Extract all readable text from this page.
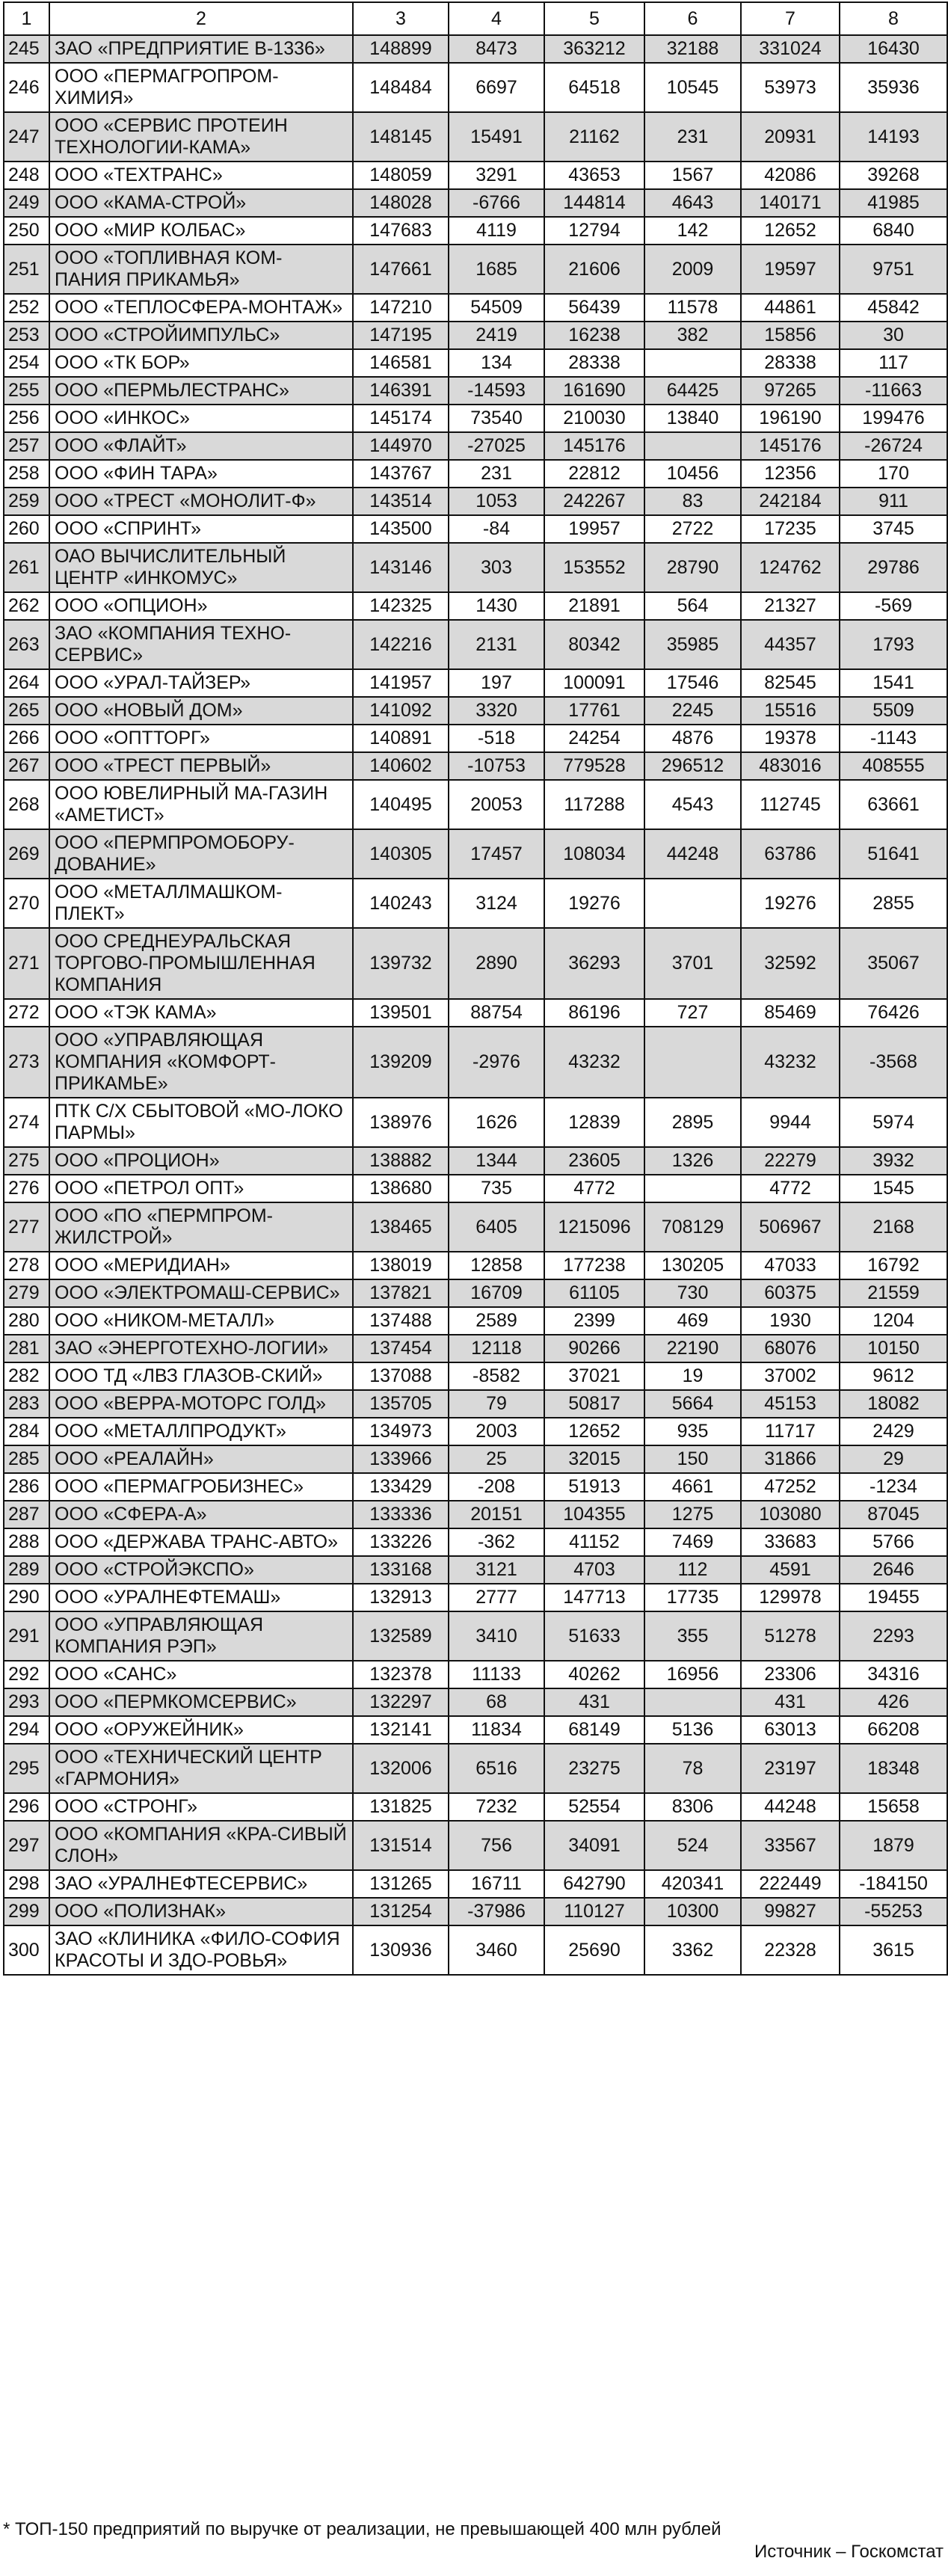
1	2	3	4	5	6	7	8
245	ЗАО «ПРЕДПРИЯТИЕ В-1336»	148899	8473	363212	32188	331024	16430
246	ООО «ПЕРМАГРОПРОМ-ХИМИЯ»	148484	6697	64518	10545	53973	35936
247	ООО «СЕРВИС ПРОТЕИН ТЕХНОЛОГИИ-КАМА»	148145	15491	21162	231	20931	14193
248	ООО «ТЕХТРАНС»	148059	3291	43653	1567	42086	39268
249	ООО «КАМА-СТРОЙ»	148028	-6766	144814	4643	140171	41985
250	ООО «МИР КОЛБАС»	147683	4119	12794	142	12652	6840
251	ООО «ТОПЛИВНАЯ КОМ-ПАНИЯ ПРИКАМЬЯ»	147661	1685	21606	2009	19597	9751
252	ООО «ТЕПЛОСФЕРА-МОНТАЖ»	147210	54509	56439	11578	44861	45842
253	ООО «СТРОЙИМПУЛЬС»	147195	2419	16238	382	15856	30
254	ООО «ТК БОР»	146581	134	28338		28338	117
255	ООО «ПЕРМЬЛЕСТРАНС»	146391	-14593	161690	64425	97265	-11663
256	ООО «ИНКОС»	145174	73540	210030	13840	196190	199476
257	ООО «ФЛАЙТ»	144970	-27025	145176		145176	-26724
258	ООО «ФИН ТАРА»	143767	231	22812	10456	12356	170
259	ООО «ТРЕСТ «МОНОЛИТ-Ф»	143514	1053	242267	83	242184	911
260	ООО «СПРИНТ»	143500	-84	19957	2722	17235	3745
261	ОАО ВЫЧИСЛИТЕЛЬНЫЙ ЦЕНТР «ИНКОМУС»	143146	303	153552	28790	124762	29786
262	ООО «ОПЦИОН»	142325	1430	21891	564	21327	-569
263	ЗАО «КОМПАНИЯ ТЕХНО-СЕРВИС»	142216	2131	80342	35985	44357	1793
264	ООО «УРАЛ-ТАЙЗЕР»	141957	197	100091	17546	82545	1541
265	ООО «НОВЫЙ ДОМ»	141092	3320	17761	2245	15516	5509
266	ООО «ОПТТОРГ»	140891	-518	24254	4876	19378	-1143
267	ООО «ТРЕСТ ПЕРВЫЙ»	140602	-10753	779528	296512	483016	408555
268	ООО ЮВЕЛИРНЫЙ МА-ГАЗИН «АМЕТИСТ»	140495	20053	117288	4543	112745	63661
269	ООО «ПЕРМПРОМОБОРУ-ДОВАНИЕ»	140305	17457	108034	44248	63786	51641
270	ООО «МЕТАЛЛМАШКОМ-ПЛЕКТ»	140243	3124	19276		19276	2855
271	ООО СРЕДНЕУРАЛЬСКАЯ ТОРГОВО-ПРОМЫШЛЕННАЯ КОМПАНИЯ	139732	2890	36293	3701	32592	35067
272	ООО «ТЭК КАМА»	139501	88754	86196	727	85469	76426
273	ООО «УПРАВЛЯЮЩАЯ КОМПАНИЯ «КОМФОРТ-ПРИКАМЬЕ»	139209	-2976	43232		43232	-3568
274	ПТК С/Х СБЫТОВОЙ «МО-ЛОКО ПАРМЫ»	138976	1626	12839	2895	9944	5974
275	ООО «ПРОЦИОН»	138882	1344	23605	1326	22279	3932
276	ООО «ПЕТРОЛ ОПТ»	138680	735	4772		4772	1545
277	ООО «ПО «ПЕРМПРОМ-ЖИЛСТРОЙ»	138465	6405	1215096	708129	506967	2168
278	ООО «МЕРИДИАН»	138019	12858	177238	130205	47033	16792
279	ООО «ЭЛЕКТРОМАШ-СЕРВИС»	137821	16709	61105	730	60375	21559
280	ООО «НИКОМ-МЕТАЛЛ»	137488	2589	2399	469	1930	1204
281	ЗАО «ЭНЕРГОТЕХНО-ЛОГИИ»	137454	12118	90266	22190	68076	10150
282	ООО ТД «ЛВЗ ГЛАЗОВ-СКИЙ»	137088	-8582	37021	19	37002	9612
283	ООО «ВЕРРА-МОТОРС ГОЛД»	135705	79	50817	5664	45153	18082
284	ООО «МЕТАЛЛПРОДУКТ»	134973	2003	12652	935	11717	2429
285	ООО «РЕАЛАЙН»	133966	25	32015	150	31866	29
286	ООО «ПЕРМАГРОБИЗНЕС»	133429	-208	51913	4661	47252	-1234
287	ООО «СФЕРА-А»	133336	20151	104355	1275	103080	87045
288	ООО «ДЕРЖАВА ТРАНС-АВТО»	133226	-362	41152	7469	33683	5766
289	ООО «СТРОЙЭКСПО»	133168	3121	4703	112	4591	2646
290	ООО «УРАЛНЕФТЕМАШ»	132913	2777	147713	17735	129978	19455
291	ООО «УПРАВЛЯЮЩАЯ КОМПАНИЯ РЭП»	132589	3410	51633	355	51278	2293
292	ООО «САНС»	132378	11133	40262	16956	23306	34316
293	ООО «ПЕРМКОМСЕРВИС»	132297	68	431		431	426
294	ООО «ОРУЖЕЙНИК»	132141	11834	68149	5136	63013	66208
295	ООО «ТЕХНИЧЕСКИЙ ЦЕНТР «ГАРМОНИЯ»	132006	6516	23275	78	23197	18348
296	ООО «СТРОНГ»	131825	7232	52554	8306	44248	15658
297	ООО «КОМПАНИЯ «КРА-СИВЫЙ СЛОН»	131514	756	34091	524	33567	1879
298	ЗАО «УРАЛНЕФТЕСЕРВИС»	131265	16711	642790	420341	222449	-184150
299	ООО «ПОЛИЗНАК»	131254	-37986	110127	10300	99827	-55253
300	ЗАО «КЛИНИКА «ФИЛО-СОФИЯ КРАСОТЫ И ЗДО-РОВЬЯ»	130936	3460	25690	3362	22328	3615
* ТОП-150 предприятий по выручке от реализации, не превышающей 400 млн рублей
Источник – Госкомстат
